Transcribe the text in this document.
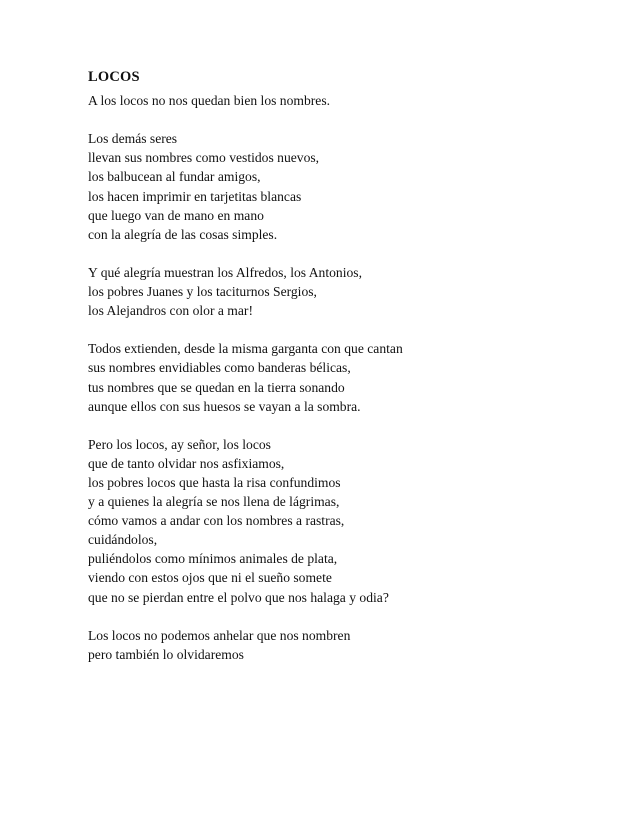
LOCOS
A los locos no nos quedan bien los nombres.
Los demás seres
llevan sus nombres como vestidos nuevos,
los balbucean al fundar amigos,
los hacen imprimir en tarjetitas blancas
que luego van de mano en mano
con la alegría de las cosas simples.
Y qué alegría muestran los Alfredos, los Antonios,
los pobres Juanes y los taciturnos Sergios,
los Alejandros con olor a mar!
Todos extienden, desde la misma garganta con que cantan
sus nombres envidiables como banderas bélicas,
tus nombres que se quedan en la tierra sonando
aunque ellos con sus huesos se vayan a la sombra.
Pero los locos, ay señor, los locos
que de tanto olvidar nos asfixiamos,
los pobres locos que hasta la risa confundimos
y a quienes la alegría se nos llena de lágrimas,
cómo vamos a andar con los nombres a rastras,
cuidándolos,
puliéndolos como mínimos animales de plata,
viendo con estos ojos que ni el sueño somete
que no se pierdan entre el polvo que nos halaga y odia?
Los locos no podemos anhelar que nos nombren
pero también lo olvidaremos
